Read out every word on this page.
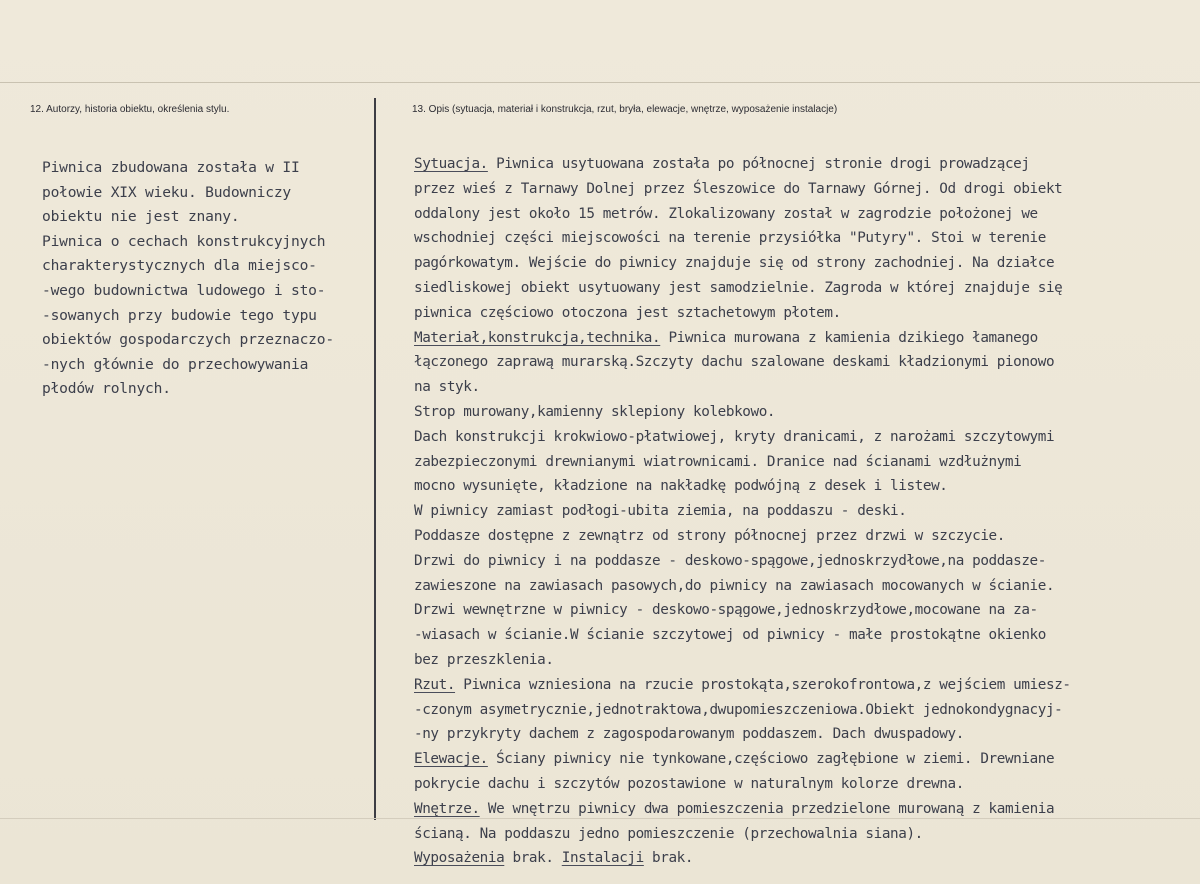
12. Autorzy, historia obiektu, określenia stylu.	13. Opis (sytuacja, materiał i konstrukcja, rzut, bryła, elewacje, wnętrze, wyposażenie instalacje)
Piwnica zbudowana została w II
połowie XIX wieku. Budowniczy
obiektu nie jest znany.
Piwnica o cechach konstrukcyjnych
charakterystycznych dla miejsco-
-wego budownictwa ludowego i sto-
-sowanych przy budowie tego typu
obiektów gospodarczych przeznaczo-
-nych głównie do przechowywania
płodów rolnych.
Sytuacja. Piwnica usytuowana została po północnej stronie drogi prowadzącej
przez wieś z Tarnawy Dolnej przez Śleszowice do Tarnawy Górnej. Od drogi obiekt
oddalony jest około 15 metrów. Zlokalizowany został w zagrodzie położonej we
wschodniej części miejscowości na terenie przysiółka "Putyry". Stoi w terenie
pagórkowatym. Wejście do piwnicy znajduje się od strony zachodniej. Na działce
siedliskowej obiekt usytuowany jest samodzielnie. Zagroda w której znajduje się
piwnica częściowo otoczona jest sztachetowym płotem.
Materiał,konstrukcja,technika. Piwnica murowana z kamienia dzikiego łamanego
łączonego zaprawą murarską.Szczyty dachu szalowane deskami kładzionymi pionowo
na styk.
Strop murowany,kamienny sklepiony kolebkowo.
Dach konstrukcji krokwiowo-płatwiowej, kryty dranicami, z narożami szczytowymi
zabezpieczonymi drewnianymi wiatrownicami. Dranice nad ścianami wzdłużnymi
mocno wysunięte, kładzione na nakładkę podwójną z desek i listew.
W piwnicy zamiast podłogi-ubita ziemia, na poddaszu - deski.
Poddasze dostępne z zewnątrz od strony północnej przez drzwi w szczycie.
Drzwi do piwnicy i na poddasze - deskowo-spągowe,jednoskrzydłowe,na poddasze-
zawieszone na zawiasach pasowych,do piwnicy na zawiasach mocowanych w ścianie.
Drzwi wewnętrzne w piwnicy - deskowo-spągowe,jednoskrzydłowe,mocowane na za-
-wiasach w ścianie.W ścianie szczytowej od piwnicy - małe prostokątne okienko
bez przeszklenia.
Rzut. Piwnica wzniesiona na rzucie prostokąta,szerokofrontowa,z wejściem umiesz-
-czonym asymetrycznie,jednotraktowa,dwupomieszczeniowa.Obiekt jednokondygnacyj-
-ny przykryty dachem z zagospodarowanym poddaszem. Dach dwuspadowy.
Elewacje. Ściany piwnicy nie tynkowane,częściowo zagłębione w ziemi. Drewniane
pokrycie dachu i szczytów pozostawione w naturalnym kolorze drewna.
Wnętrze. We wnętrzu piwnicy dwa pomieszczenia przedzielone murowaną z kamienia
ścianą. Na poddaszu jedno pomieszczenie (przechowalnia siana).
Wyposażenia brak. Instalacji brak.
